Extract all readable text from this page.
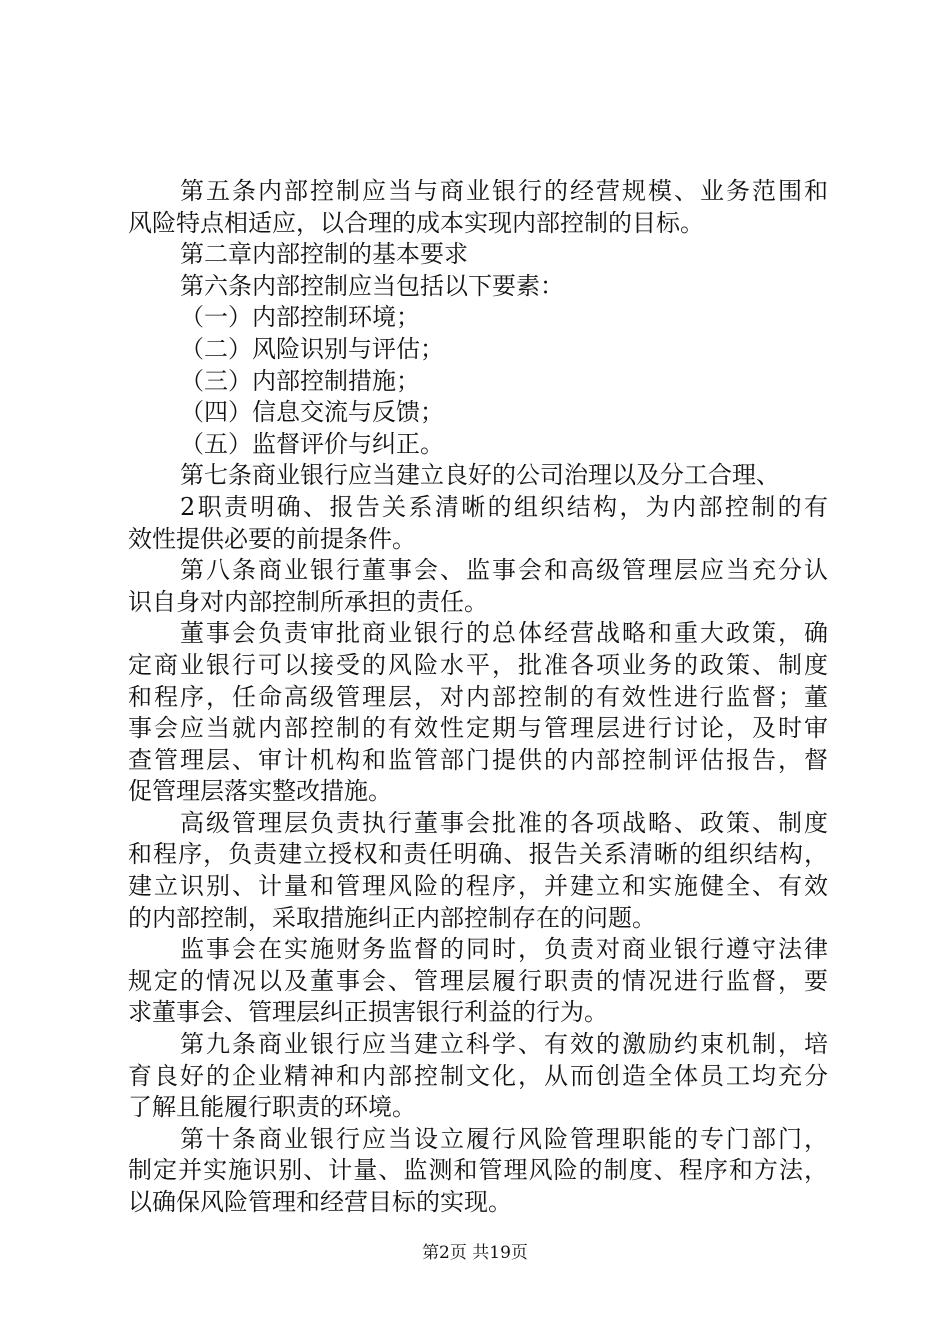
第五条内部控制应当与商业银行的经营规模、业务范围和
风险特点相适应，以合理的成本实现内部控制的目标。
第二章内部控制的基本要求
第六条内部控制应当包括以下要素：
（一）内部控制环境；
（二）风险识别与评估；
（三）内部控制措施；
（四）信息交流与反馈；
（五）监督评价与纠正。
第七条商业银行应当建立良好的公司治理以及分工合理、
2职责明确、报告关系清晰的组织结构，为内部控制的有
效性提供必要的前提条件。
第八条商业银行董事会、监事会和高级管理层应当充分认
识自身对内部控制所承担的责任。
董事会负责审批商业银行的总体经营战略和重大政策，确
定商业银行可以接受的风险水平，批准各项业务的政策、制度
和程序，任命高级管理层，对内部控制的有效性进行监督；董
事会应当就内部控制的有效性定期与管理层进行讨论，及时审
查管理层、审计机构和监管部门提供的内部控制评估报告，督
促管理层落实整改措施。
高级管理层负责执行董事会批准的各项战略、政策、制度
和程序，负责建立授权和责任明确、报告关系清晰的组织结构，
建立识别、计量和管理风险的程序，并建立和实施健全、有效
的内部控制，采取措施纠正内部控制存在的问题。
监事会在实施财务监督的同时，负责对商业银行遵守法律
规定的情况以及董事会、管理层履行职责的情况进行监督，要
求董事会、管理层纠正损害银行利益的行为。
第九条商业银行应当建立科学、有效的激励约束机制，培
育良好的企业精神和内部控制文化，从而创造全体员工均充分
了解且能履行职责的环境。
第十条商业银行应当设立履行风险管理职能的专门部门，
制定并实施识别、计量、监测和管理风险的制度、程序和方法，
以确保风险管理和经营目标的实现。
第2页 共19页
